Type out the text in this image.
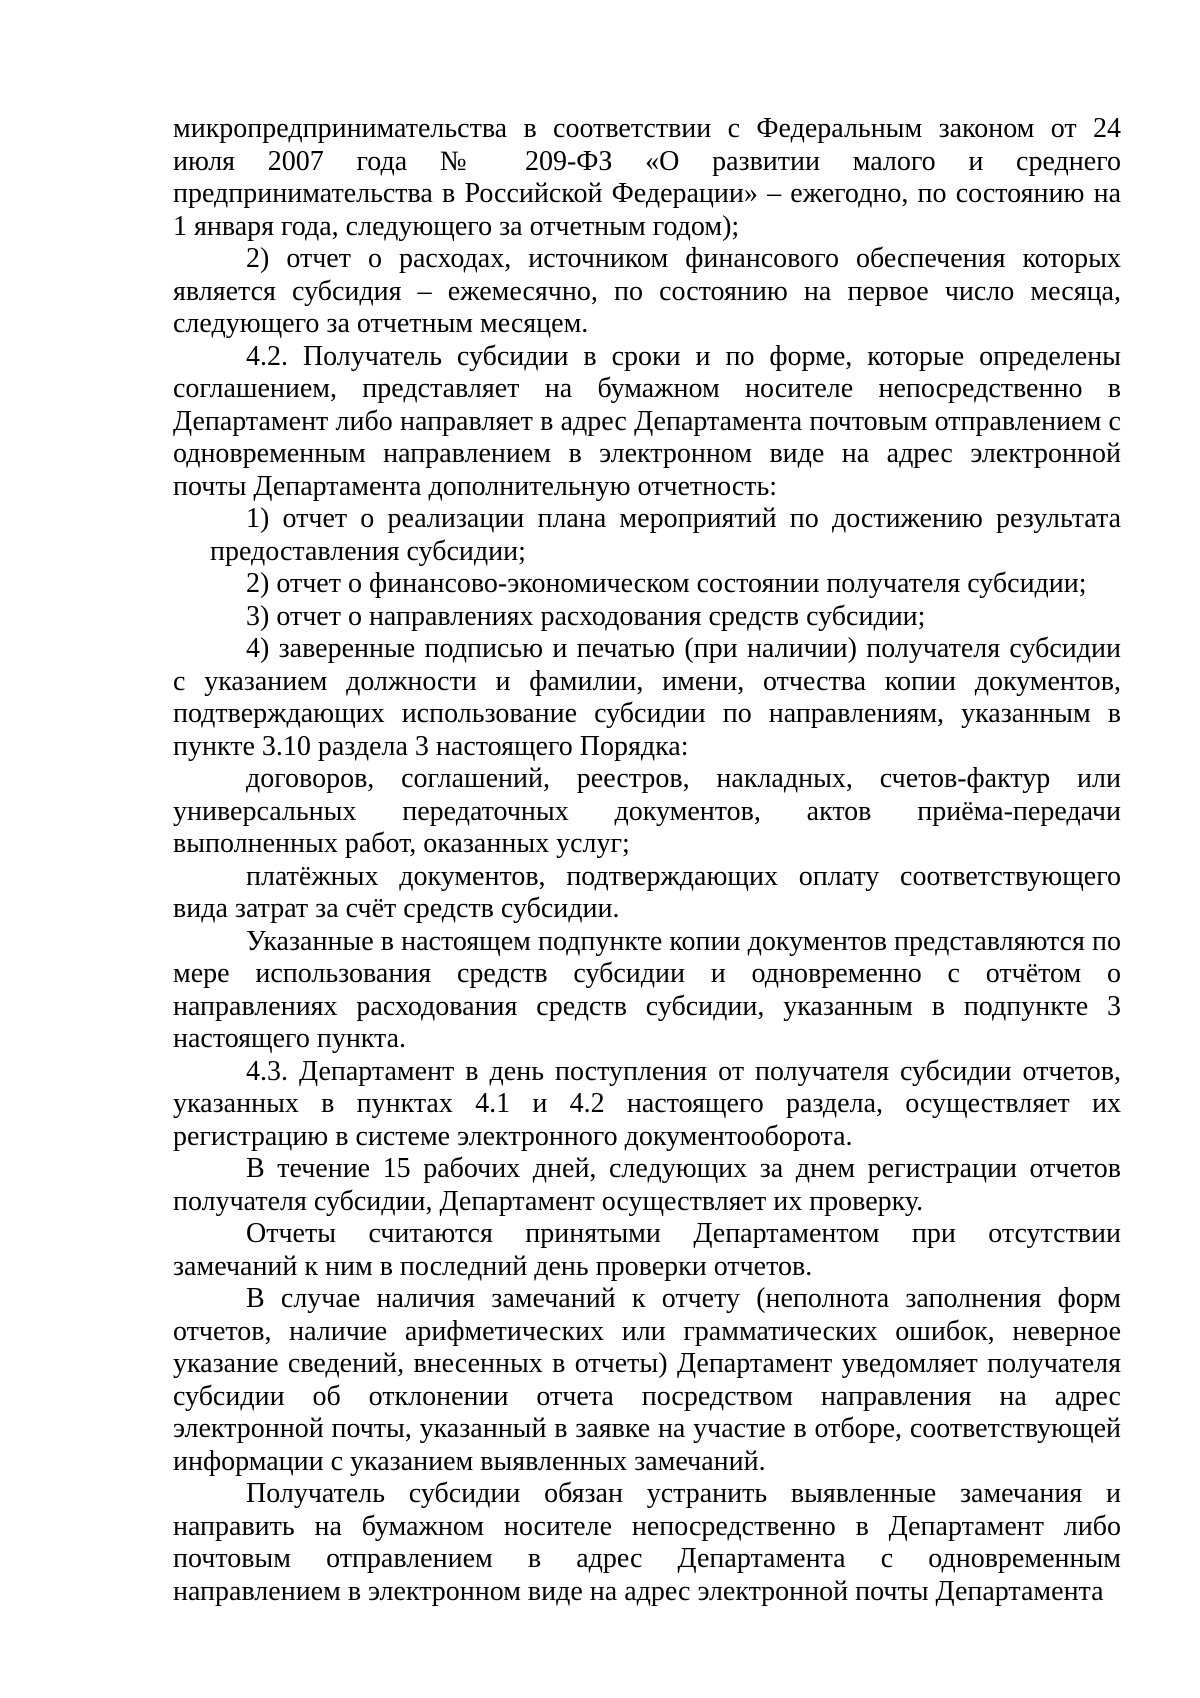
микропредпринимательства в соответствии с Федеральным законом от 24 июля 2007 года № 209-ФЗ «О развитии малого и среднего предпринимательства в Российской Федерации» – ежегодно, по состоянию на 1 января года, следующего за отчетным годом);

2) отчет о расходах, источником финансового обеспечения которых является субсидия – ежемесячно, по состоянию на первое число месяца, следующего за отчетным месяцем.

4.2. Получатель субсидии в сроки и по форме, которые определены соглашением, представляет на бумажном носителе непосредственно в Департамент либо направляет в адрес Департамента почтовым отправлением с одновременным направлением в электронном виде на адрес электронной почты Департамента дополнительную отчетность:

1) отчет о реализации плана мероприятий по достижению результата предоставления субсидии;

2) отчет о финансово-экономическом состоянии получателя субсидии;

3) отчет о направлениях расходования средств субсидии;

4) заверенные подписью и печатью (при наличии) получателя субсидии с указанием должности и фамилии, имени, отчества копии документов, подтверждающих использование субсидии по направлениям, указанным в пункте 3.10 раздела 3 настоящего Порядка:

договоров, соглашений, реестров, накладных, счетов-фактур или универсальных передаточных документов, актов приёма-передачи выполненных работ, оказанных услуг;

платёжных документов, подтверждающих оплату соответствующего вида затрат за счёт средств субсидии.

Указанные в настоящем подпункте копии документов представляются по мере использования средств субсидии и одновременно с отчётом о направлениях расходования средств субсидии, указанным в подпункте 3 настоящего пункта.

4.3. Департамент в день поступления от получателя субсидии отчетов, указанных в пунктах 4.1 и 4.2 настоящего раздела, осуществляет их регистрацию в системе электронного документооборота.

В течение 15 рабочих дней, следующих за днем регистрации отчетов получателя субсидии, Департамент осуществляет их проверку.

Отчеты считаются принятыми Департаментом при отсутствии замечаний к ним в последний день проверки отчетов.

В случае наличия замечаний к отчету (неполнота заполнения форм отчетов, наличие арифметических или грамматических ошибок, неверное указание сведений, внесенных в отчеты) Департамент уведомляет получателя субсидии об отклонении отчета посредством направления на адрес электронной почты, указанный в заявке на участие в отборе, соответствующей информации с указанием выявленных замечаний.

Получатель субсидии обязан устранить выявленные замечания и направить на бумажном носителе непосредственно в Департамент либо почтовым отправлением в адрес Департамента с одновременным направлением в электронном виде на адрес электронной почты Департамента
